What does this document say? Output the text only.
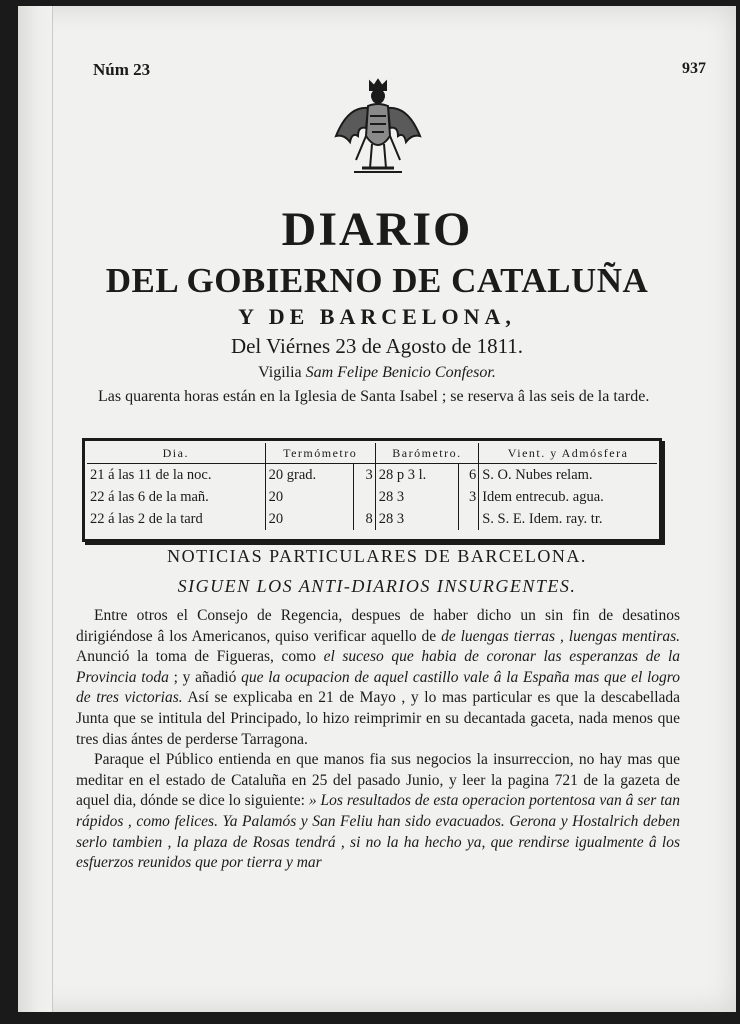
Núm 23	937
DIARIO
DEL GOBIERNO DE CATALUÑA
Y DE BARCELONA,
Del Viérnes 23 de Agosto de 1811.
Vigilia Sam Felipe Benicio Confesor.
Las quarenta horas están en la Iglesia de Santa Isabel ; se reserva â las seis de la tarde.
Dia.	Termómetro		Barómetro.		Vient. y Admósfera
21 á las 11 de la noc.	20 grad.	3	28 p 3 l.	6	S. O. Nubes relam.
22 á las 6 de la mañ.	20		28 3	3	Idem entrecub. agua.
22 á las 2 de la tard	20	8	28 3		S. S. E. Idem. ray. tr.
NOTICIAS PARTICULARES DE BARCELONA.
SIGUEN LOS ANTI-DIARIOS INSURGENTES.

Entre otros el Consejo de Regencia, despues de haber dicho un sin fin de desatinos dirigiéndose â los Americanos, quiso verificar aquello de de luengas tierras , luengas mentiras. Anunció la toma de Figueras, como el suceso que habia de coronar las esperanzas de la Provincia toda ; y añadió que la ocupacion de aquel castillo vale â la España mas que el logro de tres victorias. Así se explicaba en 21 de Mayo , y lo mas particular es que la descabellada Junta que se intitula del Principado, lo hizo reimprimir en su decantada gaceta, nada menos que tres dias ántes de perderse Tarragona.

Paraque el Público entienda en que manos fia sus negocios la insurreccion, no hay mas que meditar en el estado de Cataluña en 25 del pasado Junio, y leer la pagina 721 de la gazeta de aquel dia, dónde se dice lo siguiente: » Los resultados de esta operacion portentosa van â ser tan rápidos , como felices. Ya Palamós y San Feliu han sido evacuados. Gerona y Hostalrich deben serlo tambien , la plaza de Rosas tendrá , si no la ha hecho ya, que rendirse igualmente â los esfuerzos reunidos que por tierra y mar
